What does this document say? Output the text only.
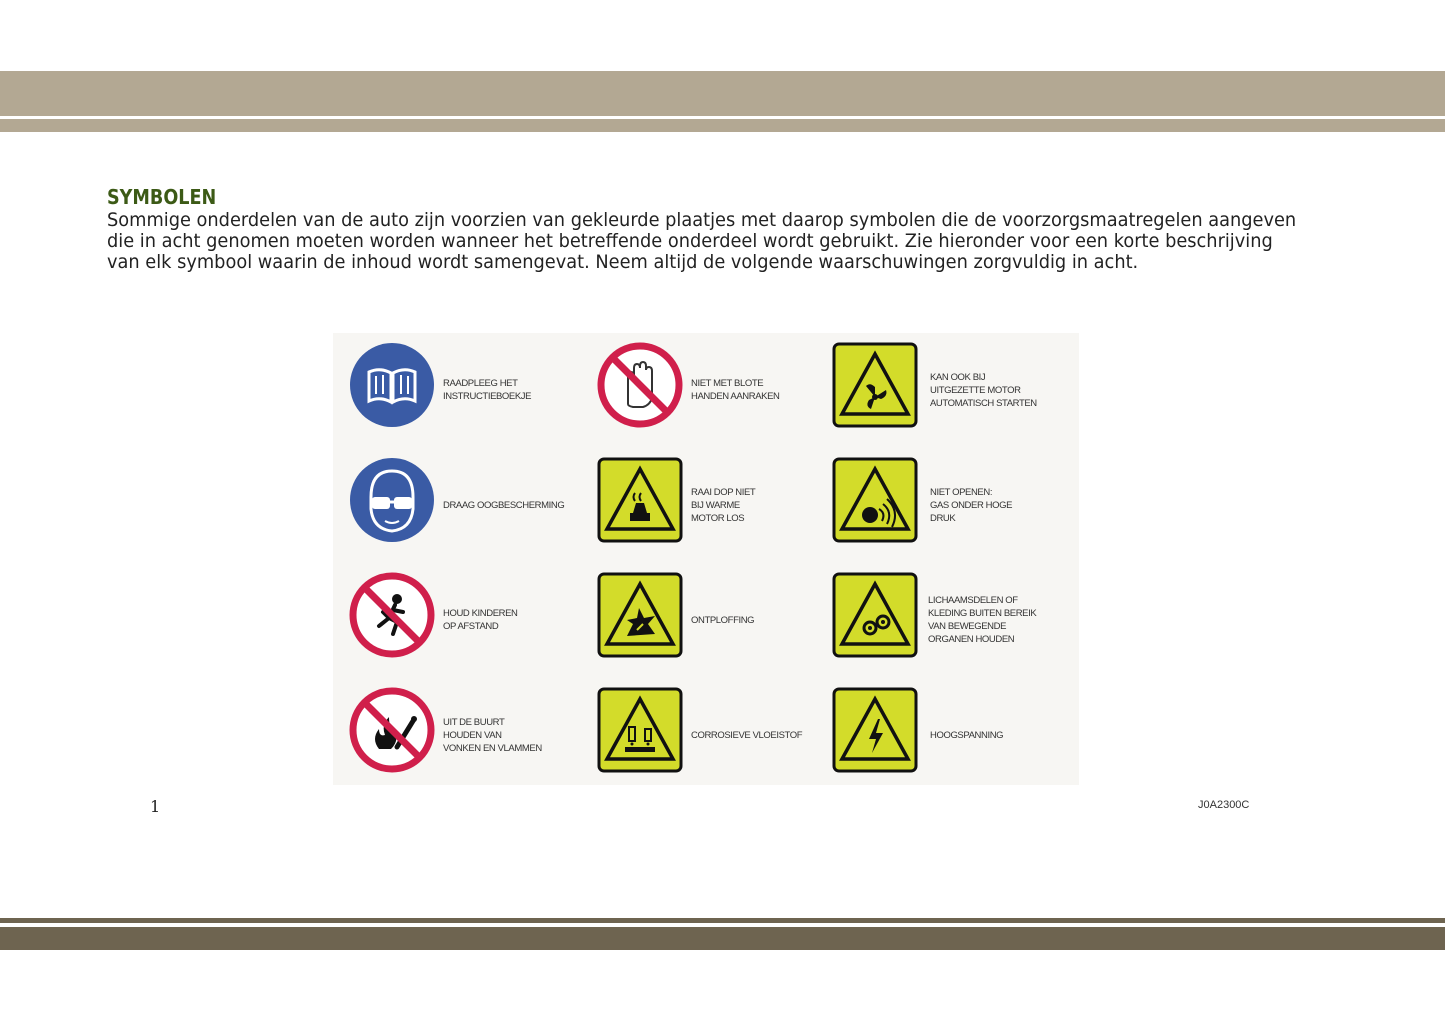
SYMBOLEN
Sommige onderdelen van de auto zijn voorzien van gekleurde plaatjes met daarop symbolen die de voorzorgsmaatregelen aangeven
die in acht genomen moeten worden wanneer het betreffende onderdeel wordt gebruikt. Zie hieronder voor een korte beschrijving
van elk symbool waarin de inhoud wordt samengevat. Neem altijd de volgende waarschuwingen zorgvuldig in acht.
RAADPLEEG HET
INSTRUCTIEBOEKJE
NIET MET BLOTE
HANDEN AANRAKEN
KAN OOK BIJ
UITGEZETTE MOTOR
AUTOMATISCH STARTEN
DRAAG OOGBESCHERMING
RAAI DOP NIET
BIJ WARME
MOTOR LOS
NIET OPENEN:
GAS ONDER HOGE
DRUK
HOUD KINDEREN
OP AFSTAND
ONTPLOFFING
LICHAAMSDELEN OF
KLEDING BUITEN BEREIK
VAN BEWEGENDE
ORGANEN HOUDEN
UIT DE BUURT
HOUDEN VAN
VONKEN EN VLAMMEN
CORROSIEVE VLOEISTOF	HOOGSPANNING
1	J0A2300C
